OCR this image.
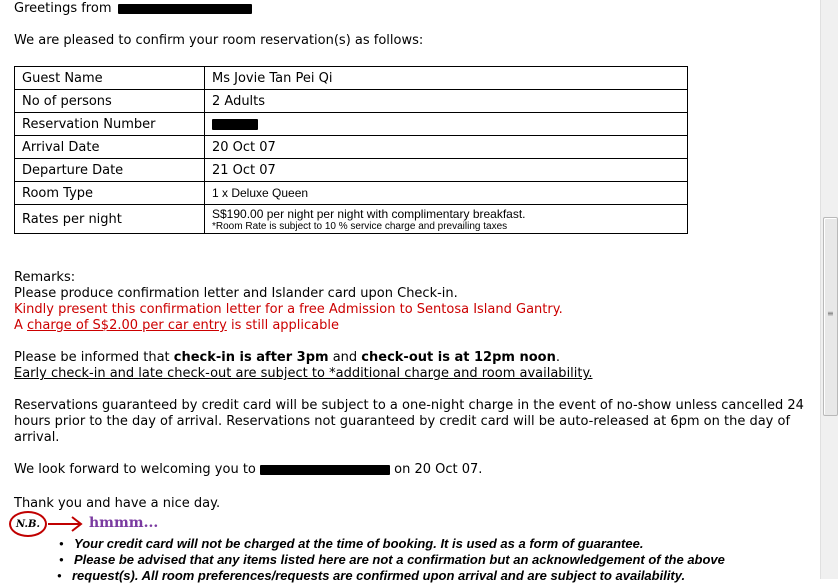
Greetings from
We are pleased to confirm your room reservation(s) as follows:
Guest Name	Ms Jovie Tan Pei Qi
No of persons	2 Adults
Reservation Number	
Arrival Date	20 Oct 07
Departure Date	21 Oct 07
Room Type	1 x Deluxe Queen
Rates per night	S$190.00 per night per night with complimentary breakfast.
*Room Rate is subject to 10 % service charge and prevailing taxes
Remarks:
Please produce confirmation letter and Islander card upon Check-in.
Kindly present this confirmation letter for a free Admission to Sentosa Island Gantry.
A charge of S$2.00 per car entry is still applicable
Please be informed that check-in is after 3pm and check-out is at 12pm noon.
Early check-in and late check-out are subject to *additional charge and room availability.
Reservations guaranteed by credit card will be subject to a one-night charge in the event of no-show unless cancelled 24 hours prior to the day of arrival. Reservations not guaranteed by credit card will be auto-released at 6pm on the day of arrival.
We look forward to welcoming you to	on 20 Oct 07.
Thank you and have a nice day.
N.B.	hmmm...
● Your credit card will not be charged at the time of booking. It is used as a form of guarantee.
● Please be advised that any items listed here are not a confirmation but an acknowledgement of the above
● request(s). All room preferences/requests are confirmed upon arrival and are subject to availability.
≡
